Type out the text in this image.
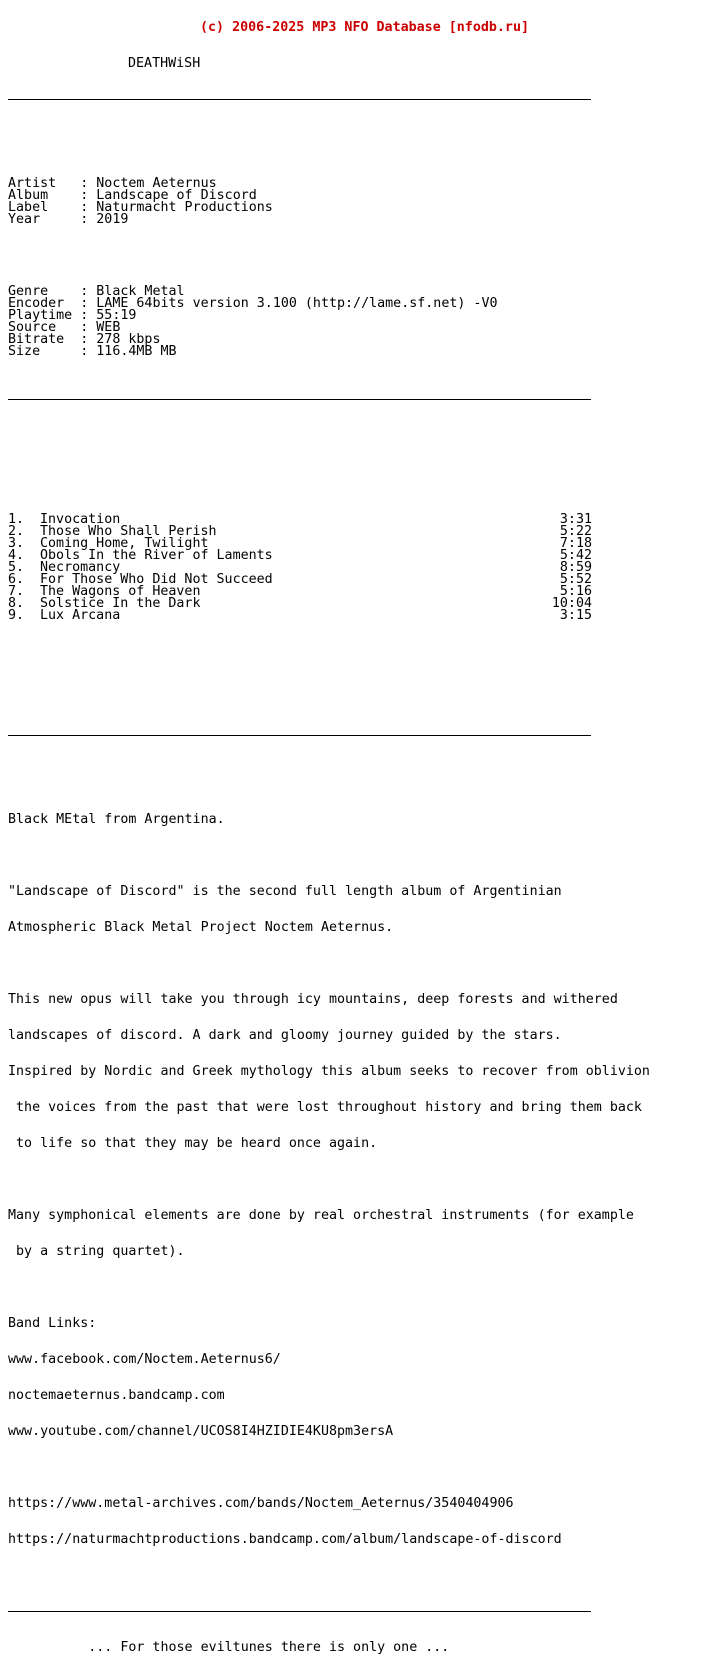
(c) 2006-2025 MP3 NFO Database [nfodb.ru]

DEATHWiSH

Artist   : Noctem Aeternus
Album    : Landscape of Discord
Label    : Naturmacht Productions
Year     : 2019

Genre    : Black Metal
Encoder  : LAME 64bits version 3.100 (http://lame.sf.net) -V0
Playtime : 55:19
Source   : WEB
Bitrate  : 278 kbps
Size     : 116.4MB MB

1. Invocation	3:31
2. Those Who Shall Perish	5:22
3. Coming Home, Twilight	7:18
4. Obols In the River of Laments	5:42
5. Necromancy	8:59
6. For Those Who Did Not Succeed	5:52
7. The Wagons of Heaven	5:16
8. Solstice In the Dark	10:04
9. Lux Arcana	3:15

Black MEtal from Argentina.

"Landscape of Discord" is the second full length album of Argentinian

Atmospheric Black Metal Project Noctem Aeternus.

This new opus will take you through icy mountains, deep forests and withered

landscapes of discord. A dark and gloomy journey guided by the stars.

Inspired by Nordic and Greek mythology this album seeks to recover from oblivion

the voices from the past that were lost throughout history and bring them back

to life so that they may be heard once again.

Many symphonical elements are done by real orchestral instruments (for example

by a string quartet).

Band Links:

www.facebook.com/Noctem.Aeternus6/

noctemaeternus.bandcamp.com

www.youtube.com/channel/UCOS8I4HZIDIE4KU8pm3ersA

https://www.metal-archives.com/bands/Noctem_Aeternus/3540404906

https://naturmachtproductions.bandcamp.com/album/landscape-of-discord

... For those eviltunes there is only one ...
